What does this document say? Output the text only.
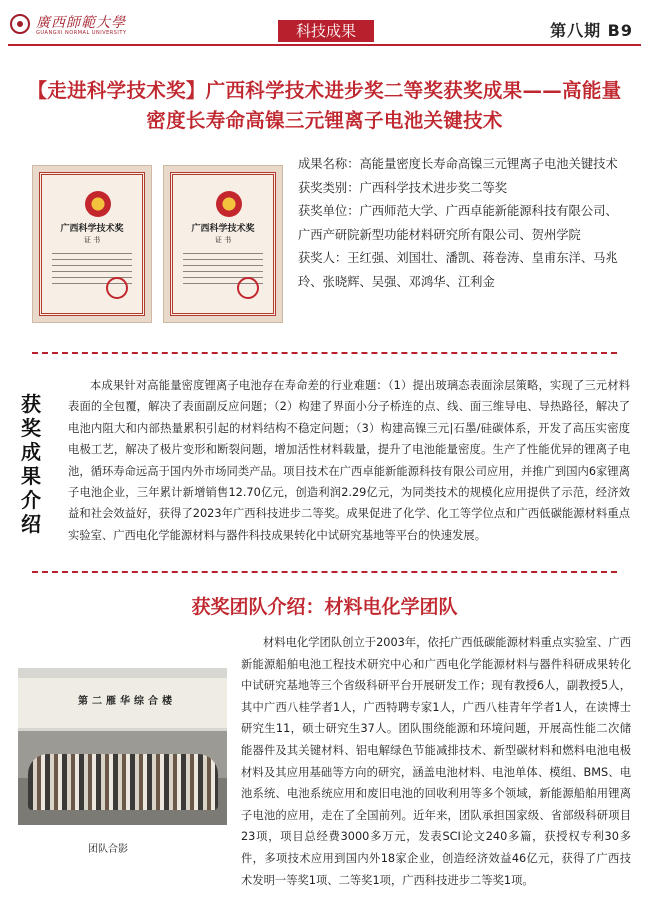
廣西師範大學
GUANGXI NORMAL UNIVERSITY	科技成果	第八期 B9
【走进科学技术奖】广西科学技术进步奖二等奖获奖成果——高能量密度长寿命高镍三元锂离子电池关键技术
广西科学技术奖
证 书
广西科学技术奖
证 书

成果名称：高能量密度长寿命高镍三元锂离子电池关键技术

获奖类别：广西科学技术进步奖二等奖

获奖单位：广西师范大学、广西卓能新能源科技有限公司、广西产研院新型功能材料研究所有限公司、贺州学院

获奖人：王红强、刘国壮、潘凯、蒋卷涛、皇甫东洋、马兆玲、张晓辉、吴强、邓鸿华、江利金

获奖成果介绍

本成果针对高能量密度锂离子电池存在寿命差的行业难题：（1）提出玻璃态表面涂层策略，实现了三元材料表面的全包覆，解决了表面副反应问题；（2）构建了界面小分子桥连的点、线、面三维导电、导热路径，解决了电池内阻大和内部热量累积引起的材料结构不稳定问题；（3）构建高镍三元|石墨/硅碳体系，开发了高压实密度电极工艺，解决了极片变形和断裂问题，增加活性材料载量，提升了电池能量密度。生产了性能优异的锂离子电池，循环寿命远高于国内外市场同类产品。项目技术在广西卓能新能源科技有限公司应用，并推广到国内6家锂离子电池企业，三年累计新增销售12.70亿元，创造利润2.29亿元，为同类技术的规模化应用提供了示范，经济效益和社会效益好，获得了2023年广西科技进步二等奖。成果促进了化学、化工等学位点和广西低碳能源材料重点实验室、广西电化学能源材料与器件科技成果转化中试研究基地等平台的快速发展。

获奖团队介绍：材料电化学团队
第二雁华综合楼
团队合影

材料电化学团队创立于2003年，依托广西低碳能源材料重点实验室、广西新能源船舶电池工程技术研究中心和广西电化学能源材料与器件科研成果转化中试研究基地等三个省级科研平台开展研发工作；现有教授6人，副教授5人，其中广西八桂学者1人，广西特聘专家1人，广西八桂青年学者1人，在读博士研究生11，硕士研究生37人。团队围绕能源和环境问题，开展高性能二次储能器件及其关键材料、铝电解绿色节能减排技术、新型碳材料和燃料电池电极材料及其应用基础等方向的研究，涵盖电池材料、电池单体、模组、BMS、电池系统、电池系统应用和废旧电池的回收利用等多个领域，新能源船舶用锂离子电池的应用，走在了全国前列。近年来，团队承担国家级、省部级科研项目23项，项目总经费3000多万元，发表SCI论文240多篇，获授权专利30多件，多项技术应用到国内外18家企业，创造经济效益46亿元，获得了广西技术发明一等奖1项、二等奖1项，广西科技进步二等奖1项。
